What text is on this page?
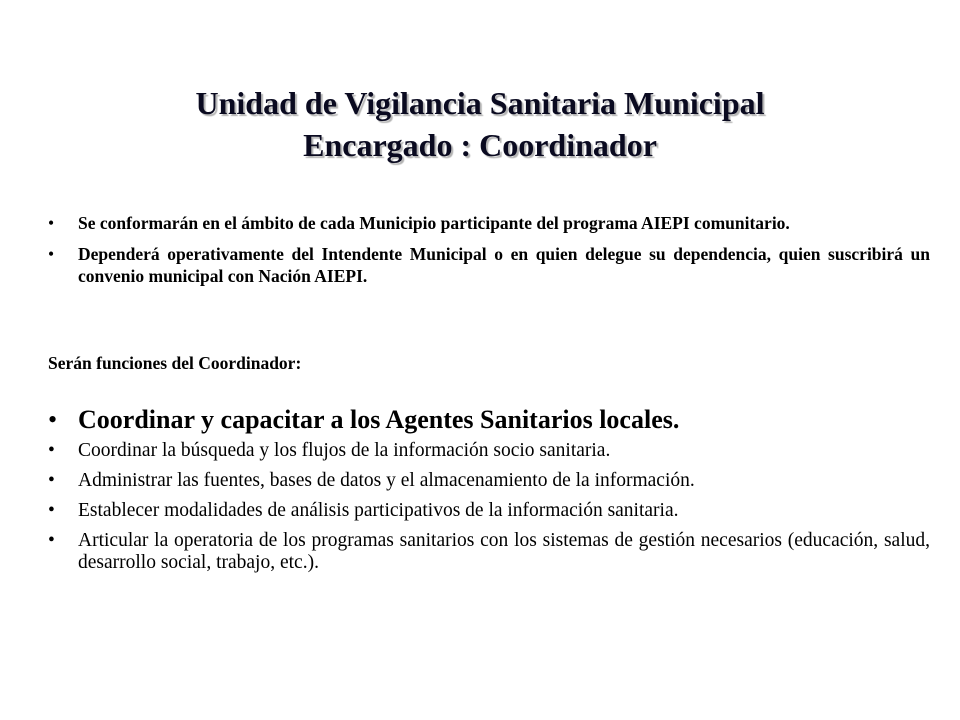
Unidad de Vigilancia Sanitaria Municipal
Encargado : Coordinador
• Se conformarán en el ámbito de cada Municipio participante del programa AIEPI comunitario.
• Dependerá operativamente del Intendente Municipal o en quien delegue su dependencia, quien suscribirá un convenio municipal con Nación AIEPI.
Serán funciones del Coordinador:
• Coordinar y capacitar a los Agentes Sanitarios locales.
• Coordinar la búsqueda y los flujos de la información socio sanitaria.
• Administrar las fuentes, bases de datos y el almacenamiento de la información.
• Establecer modalidades de análisis participativos de la información sanitaria.
• Articular la operatoria de los programas sanitarios con los sistemas de gestión necesarios (educación, salud, desarrollo social, trabajo, etc.).
